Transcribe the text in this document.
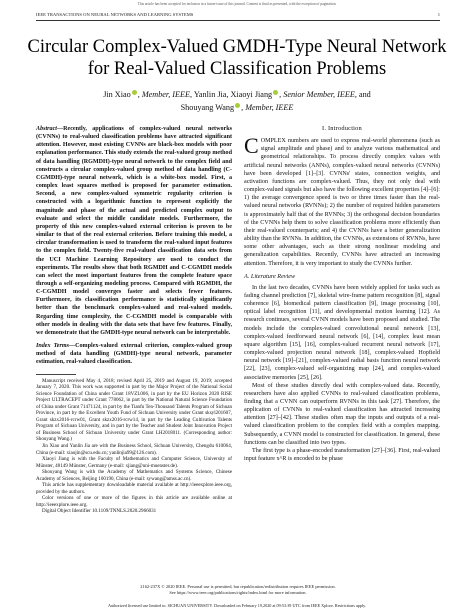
This article has been accepted for inclusion in a future issue of this journal. Content is final as presented, with the exception of pagination.
IEEE TRANSACTIONS ON NEURAL NETWORKS AND LEARNING SYSTEMS	1
Circular Complex-Valued GMDH-Type Neural Network for Real-Valued Classification Problems
Jin Xiao , Member, IEEE, Yanlin Jia, Xiaoyi Jiang , Senior Member, IEEE, and
Shouyang Wang , Member, IEEE

Abstract—Recently, applications of complex-valued neural networks (CVNNs) to real-valued classification problems have attracted significant attention. However, most existing CVNNs are black-box models with poor explanation performance. This study extends the real-valued group method of data handling (RGMDH)-type neural network to the complex field and constructs a circular complex-valued group method of data handling (C-CGMDH)-type neural network, which is a white-box model. First, a complex least squares method is proposed for parameter estimation. Second, a new complex-valued symmetric regularity criterion is constructed with a logarithmic function to represent explicitly the magnitude and phase of the actual and predicted complex output to evaluate and select the middle candidate models. Furthermore, the property of this new complex-valued external criterion is proven to be similar to that of the real external criterion. Before training this model, a circular transformation is used to transform the real-valued input features to the complex field. Twenty-five real-valued classification data sets from the UCI Machine Learning Repository are used to conduct the experiments. The results show that both RGMDH and C-CGMDH models can select the most important features from the complete feature space through a self-organizing modeling process. Compared with RGMDH, the C-CGMDH model converges faster and selects fewer features. Furthermore, its classification performance is statistically significantly better than the benchmark complex-valued and real-valued models. Regarding time complexity, the C-CGMDH model is comparable with other models in dealing with the data sets that have few features. Finally, we demonstrate that the GMDH-type neural network can be interpretable.

Index Terms—Complex-valued external criterion, complex-valued group method of data handling (GMDH)-type neural network, parameter estimation, real-valued classification.

Manuscript received May 4, 2018; revised April 25, 2019 and August 19, 2019; accepted January 7, 2020. This work was supported in part by the Major Project of the National Social Science Foundation of China under Grant 18VZL006, in part by the EU Horizon 2020 RISE Project ULTRACEPT under Grant 778062, in part by the National Natural Science Foundation of China under Grant 71471124, in part by the Tianfu Ten-Thousand Talents Program of Sichuan Province, in part by the Excellent Youth Fund of Sichuan University under Grant sksyl201607, Grant skzx2016-rcrw01, Grant skzx2016-rcrw14, in part by the Leading Cultivation Talents Program of Sichuan University, and in part by the Teacher and Student Joint Innovation Project of Business School of Sichuan University under Grant LH2018011. (Corresponding author: Shouyang Wang.)

Jin Xiao and Yanlin Jia are with the Business School, Sichuan University, Chengdu 610064, China (e-mail: xiaojin@scu.edu.cn; yanlinjia99@126.com).

Xiaoyi Jiang is with the Faculty of Mathematics and Computer Science, University of Münster, 48149 Münster, Germany (e-mail: xjiang@uni-muenster.de).

Shouyang Wang is with the Academy of Mathematics and Systems Science, Chinese Academy of Sciences, Beijing 100190, China (e-mail: sywang@amss.ac.cn).

This article has supplementary downloadable material available at http://ieeexplore.ieee.org, provided by the authors.

Color versions of one or more of the figures in this article are available online at http://ieeexplore.ieee.org.

Digital Object Identifier 10.1109/TNNLS.2020.2966031

I. Introduction

COMPLEX numbers are used to express real-world phenomena (such as signal amplitude and phase) and to analyze various mathematical and geometrical relationships. To process directly complex values with artificial neural networks (ANNs), complex-valued neural networks (CVNNs) have been developed [1]–[3]. CVNNs' states, connection weights, and activation functions are complex-valued. Thus, they not only deal with complex-valued signals but also have the following excellent properties [4]–[6]: 1) the average convergence speed is two or three times faster than the real-valued neural networks (RVNNs); 2) the number of required hidden parameters is approximately half that of the RVNNs; 3) the orthogonal decision boundaries of the CVNNs help them to solve classification problems more efficiently than their real-valued counterparts; and 4) the CVNNs have a better generalization ability than the RVNNs. In addition, the CVNNs, as extensions of RVNNs, have some other advantages, such as their strong nonlinear modeling and generalization capabilities. Recently, CVNNs have attracted an increasing attention. Therefore, it is very important to study the CVNNs further.

A. Literature Review

In the last two decades, CVNNs have been widely applied for tasks such as fading channel prediction [7], skeletal wire-frame pattern recognition [8], signal coherence [6], biomedical pattern classification [9], image processing [10], optical label recognition [11], and developmental motion learning [12]. As research continues, several CVNN models have been proposed and studied. The models include the complex-valued convolutional neural network [13], complex-valued feedforward neural network [6], [14], complex least mean square algorithm [15], [16], complex-valued recurrent neural network [17], complex-valued projection neural network [18], complex-valued Hopfield neural network [19]–[21], complex-valued radial basis function neural network [22], [23], complex-valued self-organizing map [24], and complex-valued associative memories [25], [26].

Most of these studies directly deal with complex-valued data. Recently, researchers have also applied CVNNs to real-valued classification problems, finding that a CVNN can outperform RVNNs in this task [27]. Therefore, the application of CVNNs to real-valued classification has attracted increasing attention [27]–[42]. These studies often map the inputs and outputs of a real-valued classification problem to the complex field with a complex mapping. Subsequently, a CVNN model is constructed for classification. In general, these functions can be classified into two types.

The first type is a phase-encoded transformation [27]–[36]. First, real-valued input feature x^R is encoded to be phase

2162-237X © 2020 IEEE. Personal use is permitted, but republication/redistribution requires IEEE permission.
See https://www.ieee.org/publications/rights/index.html for more information.
Authorized licensed use limited to: SICHUAN UNIVERSITY. Downloaded on February 19,2020 at 09:53:39 UTC from IEEE Xplore. Restrictions apply.
